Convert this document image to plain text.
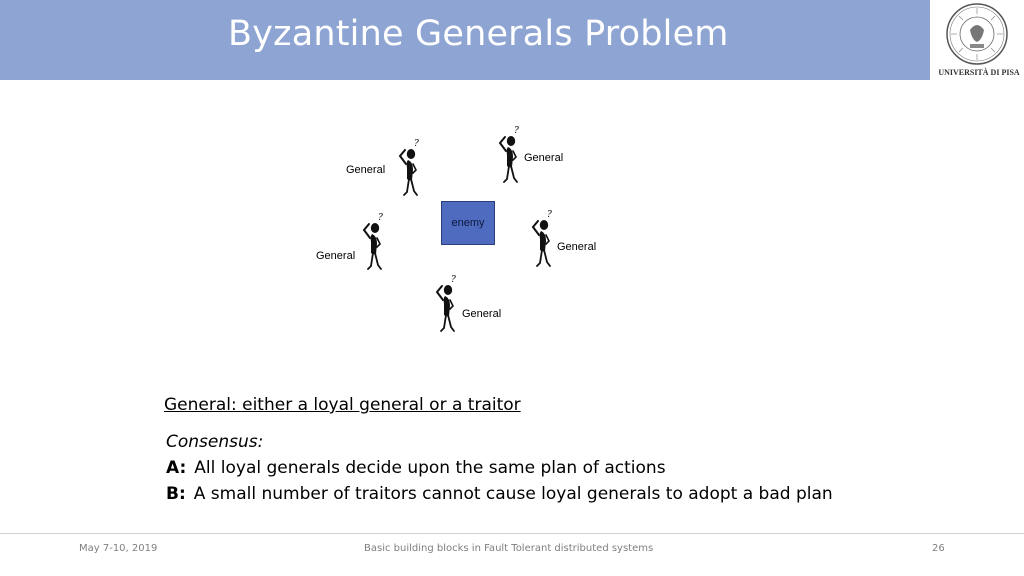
Byzantine Generals Problem
UNIVERSITÀ DI PISA
?
General
General
General
General
General
enemy
General: either a loyal general or a traitor
Consensus:
A: All loyal generals decide upon the same plan of actions
B: A small number of traitors cannot cause loyal generals to adopt a bad plan
May 7-10, 2019	Basic building blocks in Fault Tolerant distributed systems	26
